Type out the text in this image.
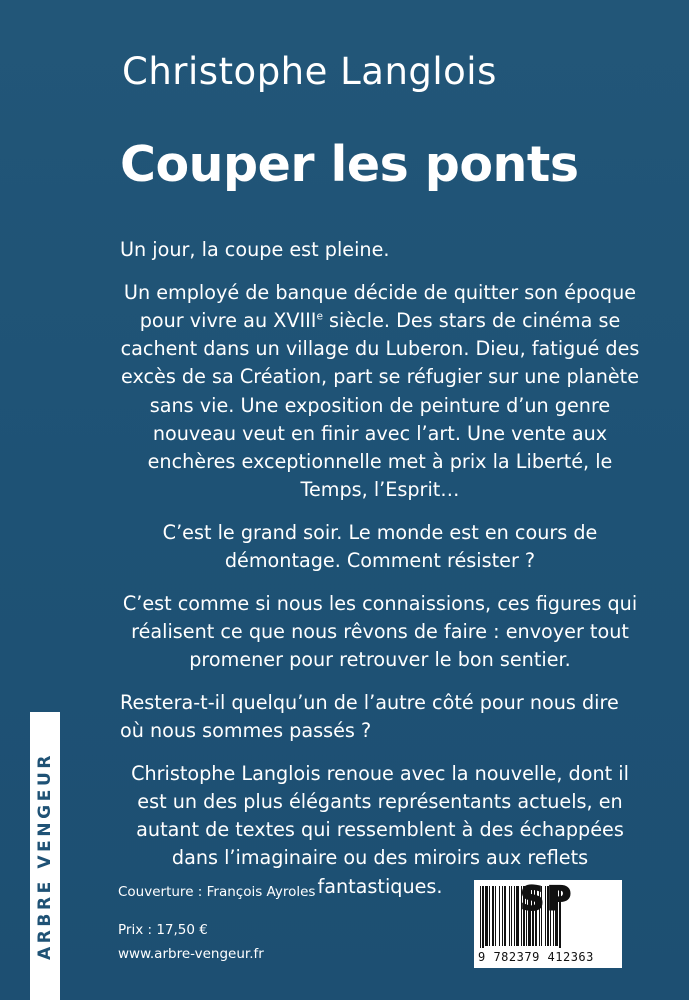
Christophe Langlois
Couper les ponts

Un jour, la coupe est pleine.

Un employé de banque décide de quitter son époque pour vivre au XVIIIe siècle. Des stars de cinéma se cachent dans un village du Luberon. Dieu, fatigué des excès de sa Création, part se réfugier sur une planète sans vie. Une exposition de peinture d’un genre nouveau veut en finir avec l’art. Une vente aux enchères exceptionnelle met à prix la Liberté, le Temps, l’Esprit…

C’est le grand soir. Le monde est en cours de démontage. Comment résister ?

C’est comme si nous les connaissions, ces figures qui réalisent ce que nous rêvons de faire : envoyer tout promener pour retrouver le bon sentier.

Restera-t-il quelqu’un de l’autre côté pour nous dire où nous sommes passés ?

Christophe Langlois renoue avec la nouvelle, dont il est un des plus élégants représentants actuels, en autant de textes qui ressemblent à des échappées dans l’imaginaire ou des miroirs aux reflets fantastiques.

Couverture : François Ayroles
Prix : 17,50 €
www.arbre-vengeur.fr
ARBRE VENGEUR	SP
9 782379 412363
